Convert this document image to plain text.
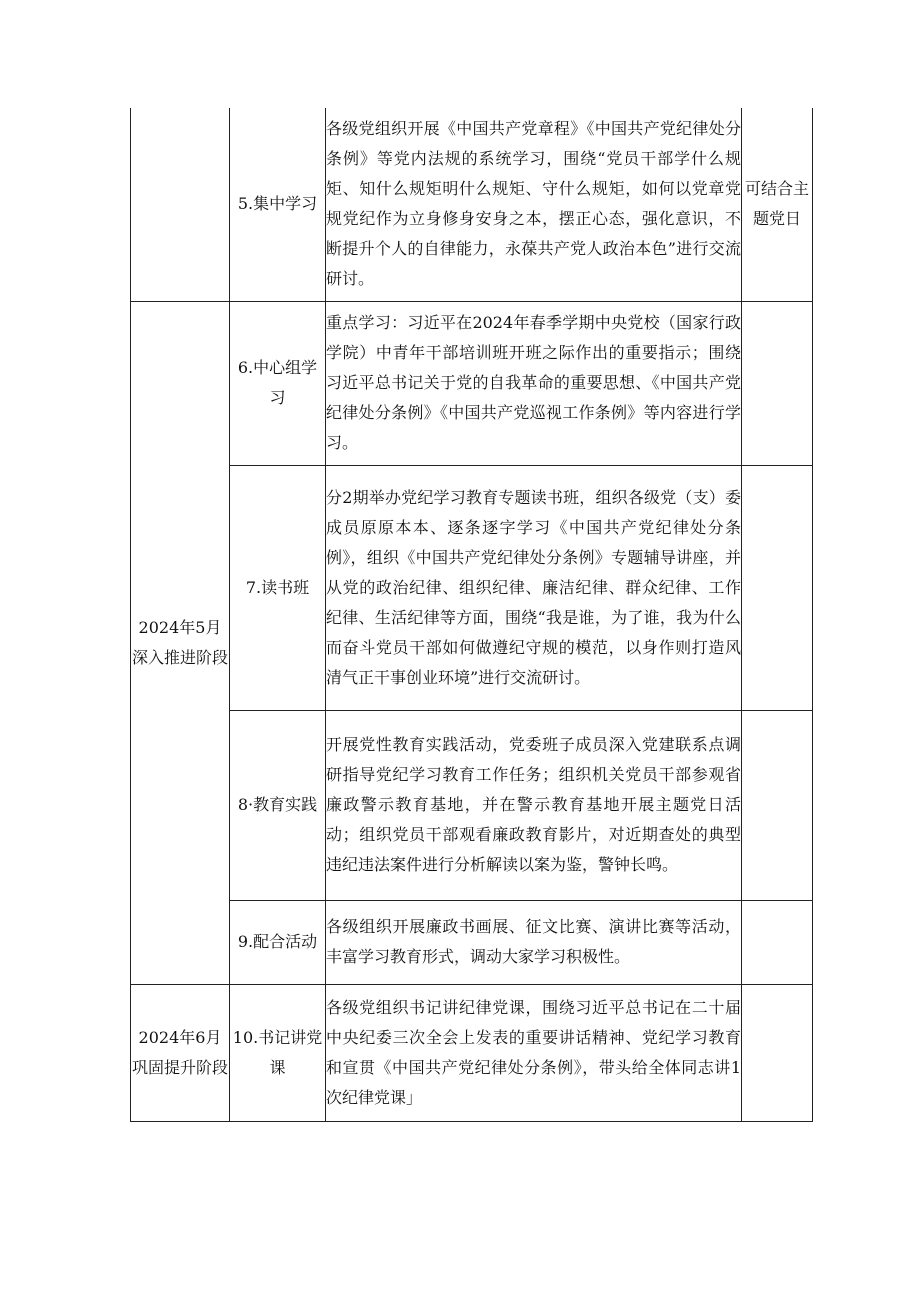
	5.集中学习	各级党组织开展《中国共产党章程》《中国共产党纪律处分条例》等党内法规的系统学习，围绕“党员干部学什么规矩、知什么规矩明什么规矩、守什么规矩，如何以党章党规党纪作为立身修身安身之本，摆正心态，强化意识，不断提升个人的自律能力，永葆共产党人政治本色”进行交流研讨。	可结合主题党日

2024年5月深入推进阶段	6.中心组学习	重点学习：习近平在2024年春季学期中央党校（国家行政学院）中青年干部培训班开班之际作出的重要指示；围绕习近平总书记关于党的自我革命的重要思想、《中国共产党纪律处分条例》《中国共产党巡视工作条例》等内容进行学习。	

	7.读书班	分2期举办党纪学习教育专题读书班，组织各级党（支）委成员原原本本、逐条逐字学习《中国共产党纪律处分条例》，组织《中国共产党纪律处分条例》专题辅导讲座，并从党的政治纪律、组织纪律、廉洁纪律、群众纪律、工作纪律、生活纪律等方面，围绕“我是谁，为了谁，我为什么而奋斗党员干部如何做遵纪守规的模范，以身作则打造风清气正干事创业环境”进行交流研讨。	

	8·教育实践	开展党性教育实践活动，党委班子成员深入党建联系点调研指导党纪学习教育工作任务；组织机关党员干部参观省廉政警示教育基地，并在警示教育基地开展主题党日活动；组织党员干部观看廉政教育影片，对近期查处的典型违纪违法案件进行分析解读以案为鉴，警钟长鸣。	

	9.配合活动	各级组织开展廉政书画展、征文比赛、演讲比赛等活动，丰富学习教育形式，调动大家学习积极性。	

2024年6月巩固提升阶段	10.书记讲党课	各级党组织书记讲纪律党课，围绕习近平总书记在二十届中央纪委三次全会上发表的重要讲话精神、党纪学习教育和宣贯《中国共产党纪律处分条例》，带头给全体同志讲1次纪律党课」	
